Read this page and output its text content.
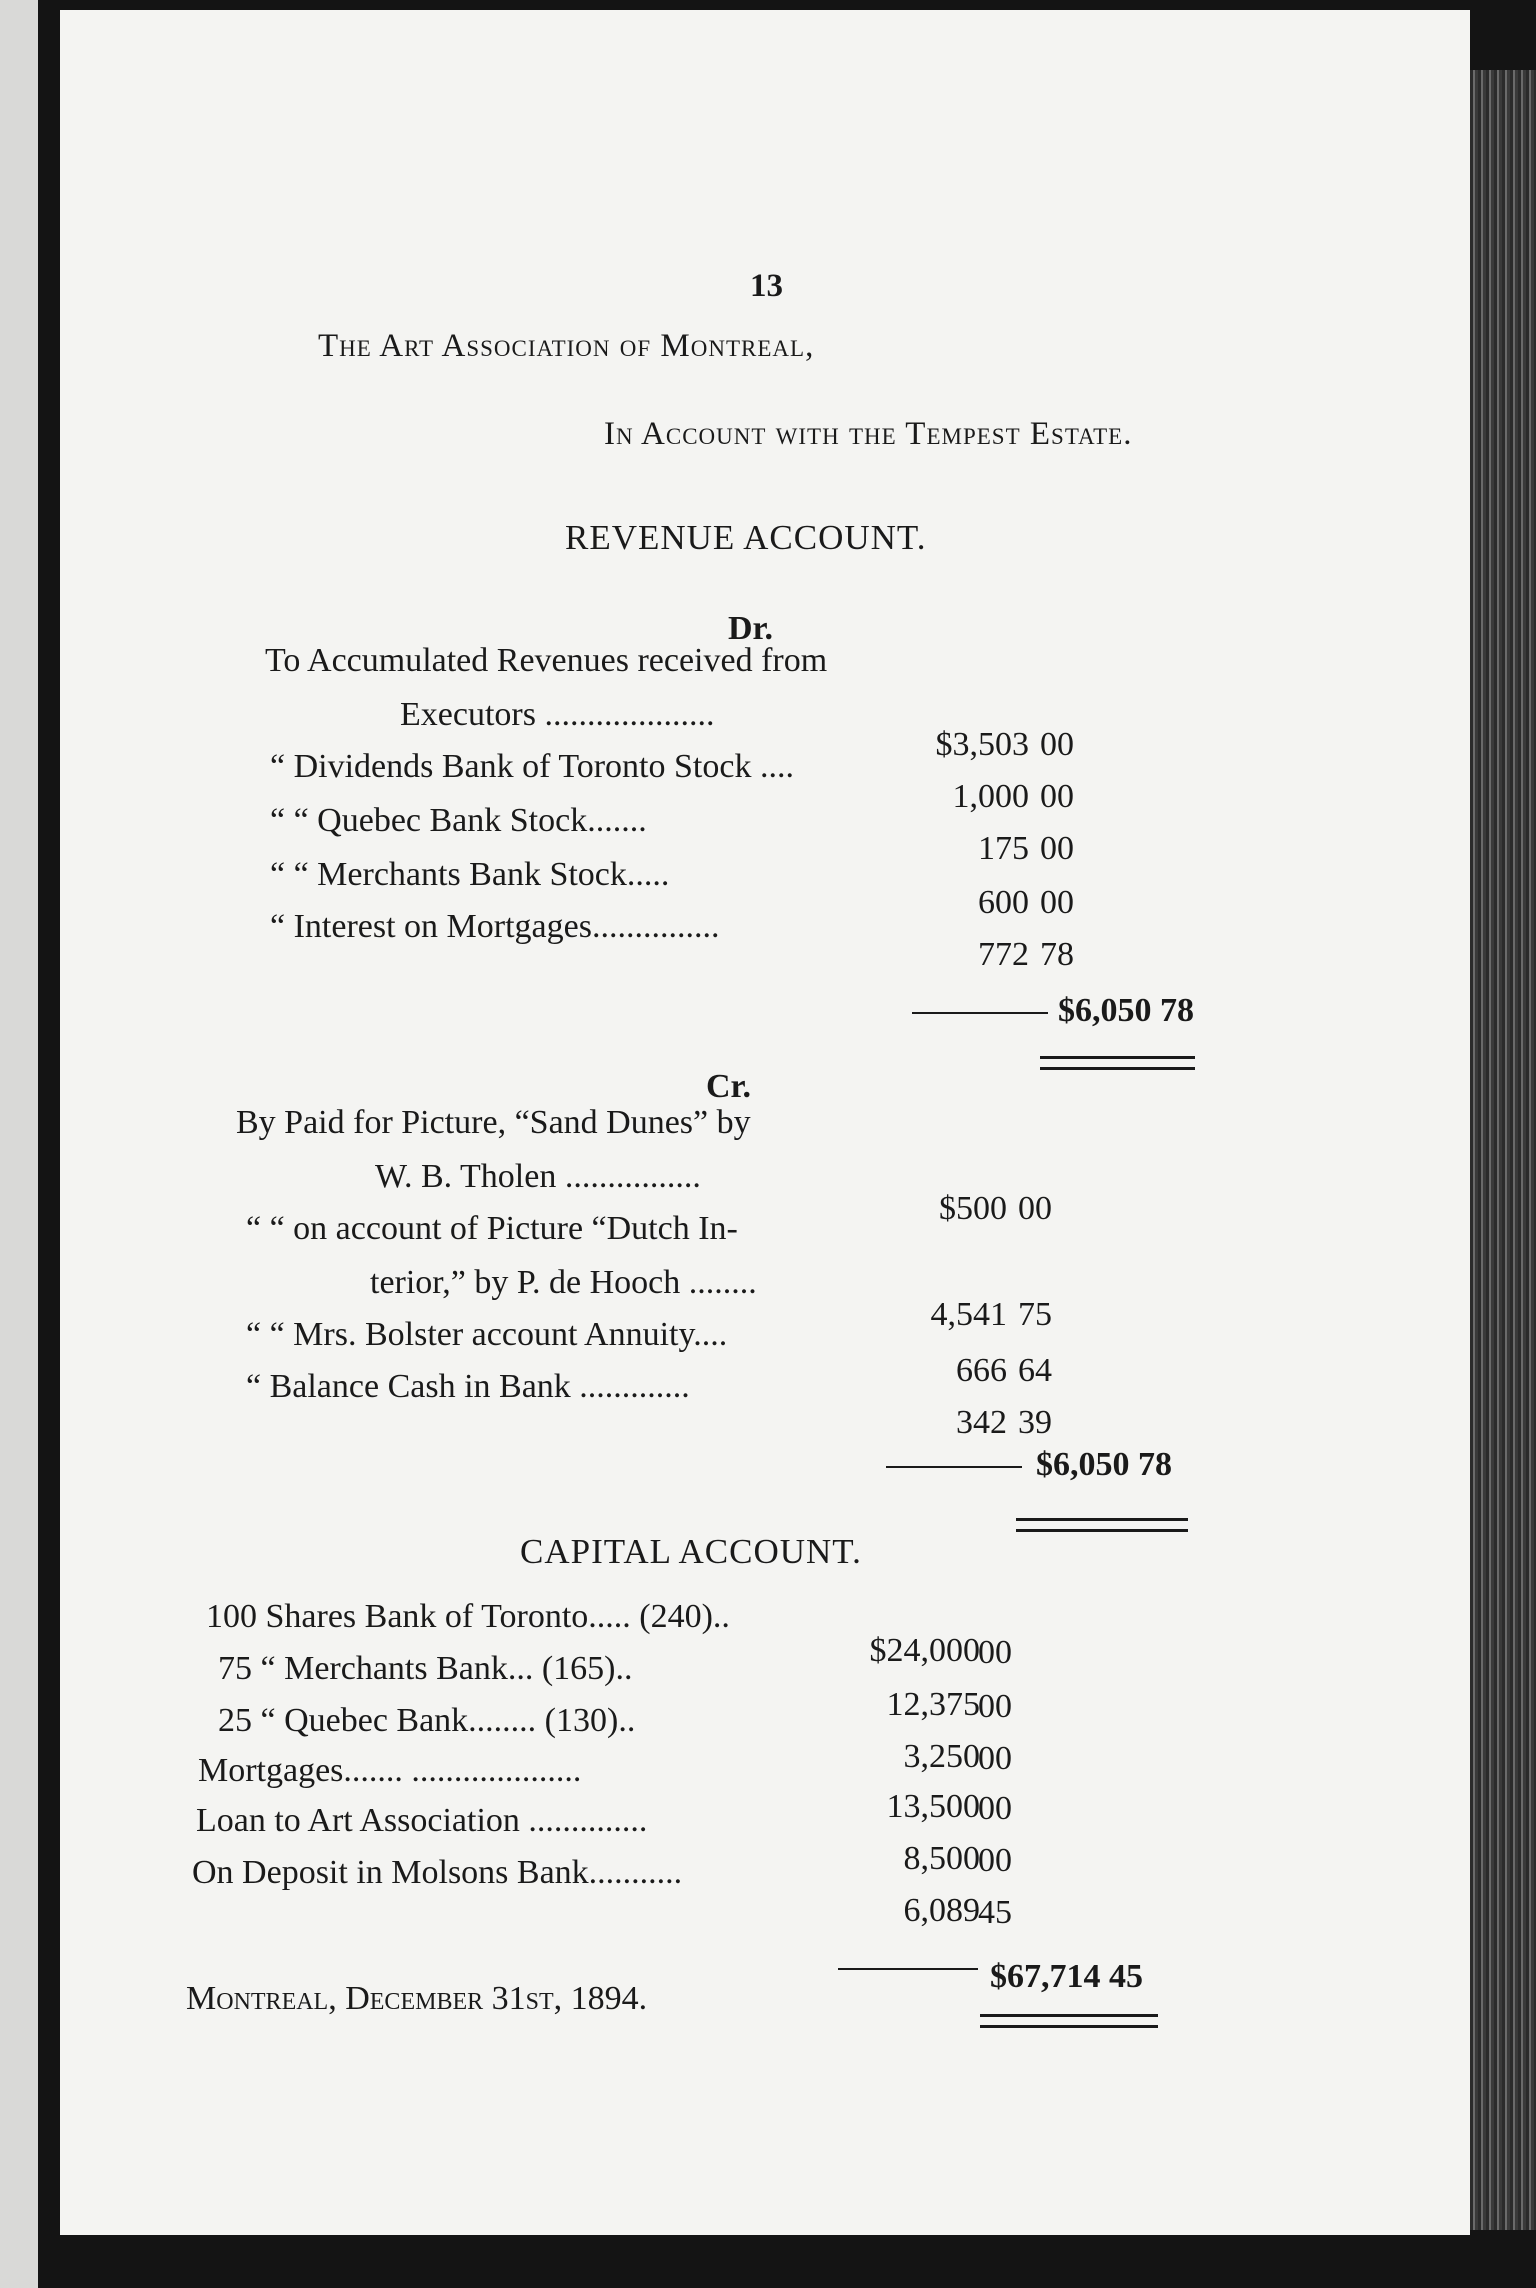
13
The Art Association of Montreal,
In Account with the Tempest Estate.
REVENUE ACCOUNT.
Dr.
To Accumulated Revenues received from
Executors ....................
$3,503 00
“ Dividends Bank of Toronto Stock ....
1,000 00
“ “ Quebec Bank Stock.......
175 00
“ “ Merchants Bank Stock.....
600 00
“ Interest on Mortgages...............
772 78
$6,050 78
Cr.
By Paid for Picture, “Sand Dunes” by
W. B. Tholen ................
$500 00
“ “ on account of Picture “Dutch In-
terior,” by P. de Hooch ........
4,541 75
“ “ Mrs. Bolster account Annuity....
666 64
“ Balance Cash in Bank .............
342 39
$6,050 78
CAPITAL ACCOUNT.
100 Shares Bank of Toronto..... (240)..
$24,000
00
75 “ Merchants Bank... (165)..
12,375
00
25 “ Quebec Bank........ (130)..
3,250
00
Mortgages....... ....................
13,500
00
Loan to Art Association ..............
8,500
00
On Deposit in Molsons Bank...........
6,089
45
$67,714 45
Montreal, December 31st, 1894.
